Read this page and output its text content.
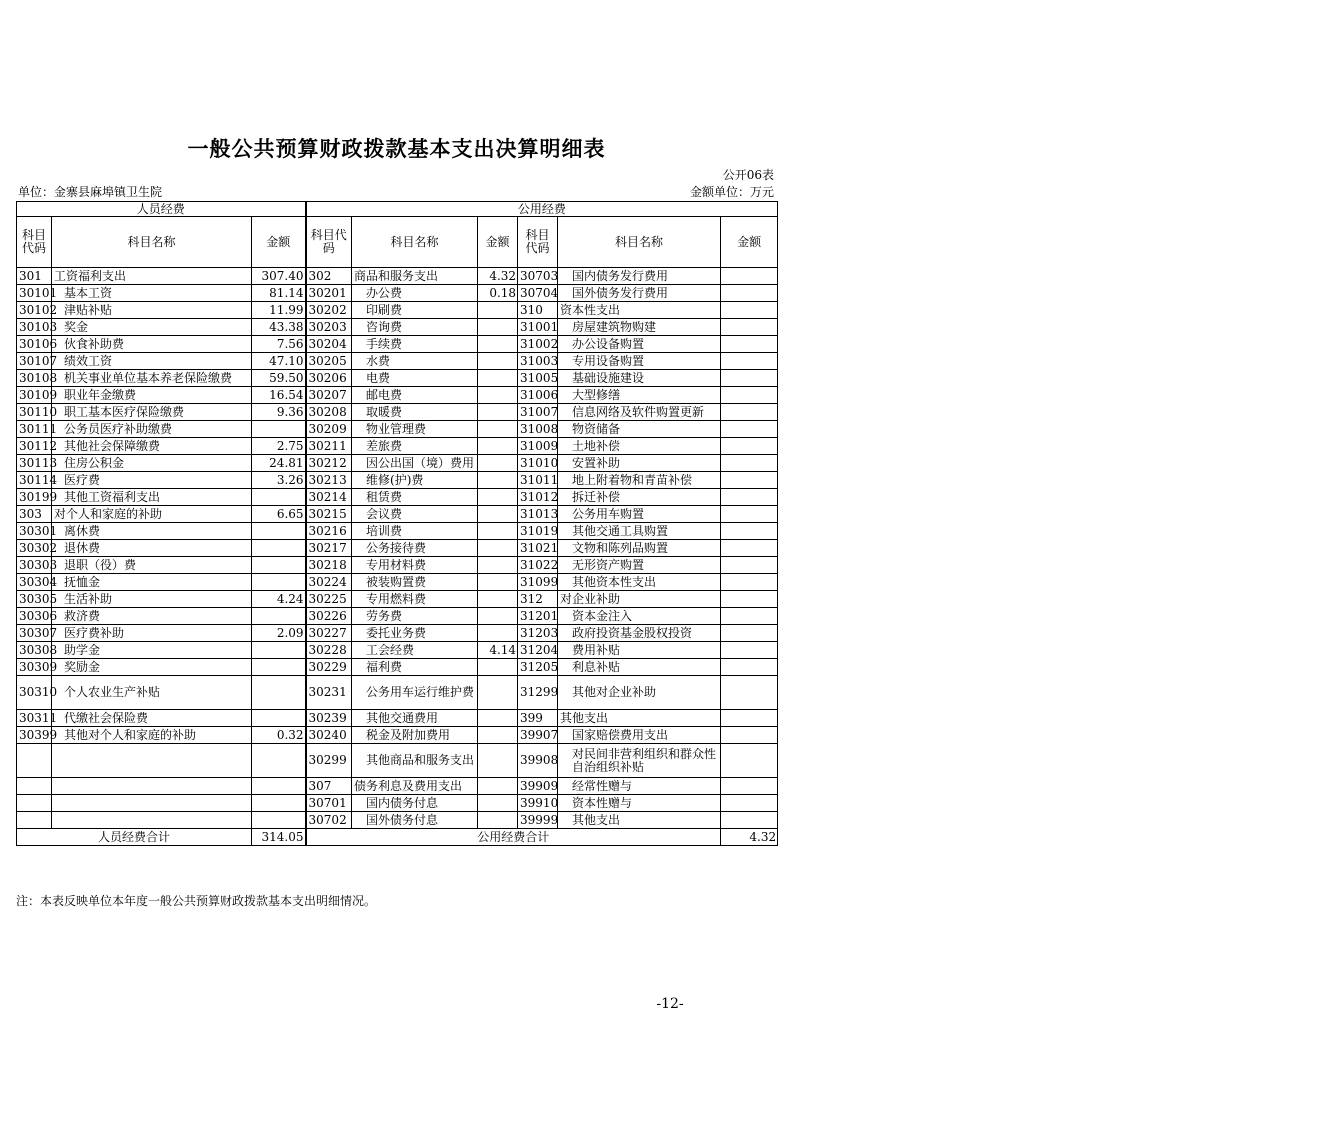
一般公共预算财政拨款基本支出决算明细表
公开06表
单位：金寨县麻埠镇卫生院	金额单位：万元
人员经费			公用经费					
科目代码	科目名称	金额	科目代码	科目名称	金额	科目代码	科目名称	金额
301	工资福利支出	307.40	302	商品和服务支出	4.32	30703	国内债务发行费用	
30101	基本工资	81.14	30201	办公费	0.18	30704	国外债务发行费用	
30102	津贴补贴	11.99	30202	印刷费		310	资本性支出	
30103	奖金	43.38	30203	咨询费		31001	房屋建筑物购建	
30106	伙食补助费	7.56	30204	手续费		31002	办公设备购置	
30107	绩效工资	47.10	30205	水费		31003	专用设备购置	
30108	机关事业单位基本养老保险缴费	59.50	30206	电费		31005	基础设施建设	
30109	职业年金缴费	16.54	30207	邮电费		31006	大型修缮	
30110	职工基本医疗保险缴费	9.36	30208	取暖费		31007	信息网络及软件购置更新	
30111	公务员医疗补助缴费		30209	物业管理费		31008	物资储备	
30112	其他社会保障缴费	2.75	30211	差旅费		31009	土地补偿	
30113	住房公积金	24.81	30212	因公出国（境）费用		31010	安置补助	
30114	医疗费	3.26	30213	维修(护)费		31011	地上附着物和青苗补偿	
30199	其他工资福利支出		30214	租赁费		31012	拆迁补偿	
303	对个人和家庭的补助	6.65	30215	会议费		31013	公务用车购置	
30301	离休费		30216	培训费		31019	其他交通工具购置	
30302	退休费		30217	公务接待费		31021	文物和陈列品购置	
30303	退职（役）费		30218	专用材料费		31022	无形资产购置	
30304	抚恤金		30224	被装购置费		31099	其他资本性支出	
30305	生活补助	4.24	30225	专用燃料费		312	对企业补助	
30306	救济费		30226	劳务费		31201	资本金注入	
30307	医疗费补助	2.09	30227	委托业务费		31203	政府投资基金股权投资	
30308	助学金		30228	工会经费	4.14	31204	费用补贴	
30309	奖励金		30229	福利费		31205	利息补贴	
30310	个人农业生产补贴		30231	公务用车运行维护费		31299	其他对企业补助	
30311	代缴社会保险费		30239	其他交通费用		399	其他支出	
30399	其他对个人和家庭的补助	0.32	30240	税金及附加费用		39907	国家赔偿费用支出	
			30299	其他商品和服务支出		39908	对民间非营利组织和群众性自治组织补贴	
			307	债务利息及费用支出		39909	经常性赠与	
			30701	国内债务付息		39910	资本性赠与	
			30702	国外债务付息		39999	其他支出	
人员经费合计		314.05	公用经费合计					4.32
注：本表反映单位本年度一般公共预算财政拨款基本支出明细情况。
-12-
